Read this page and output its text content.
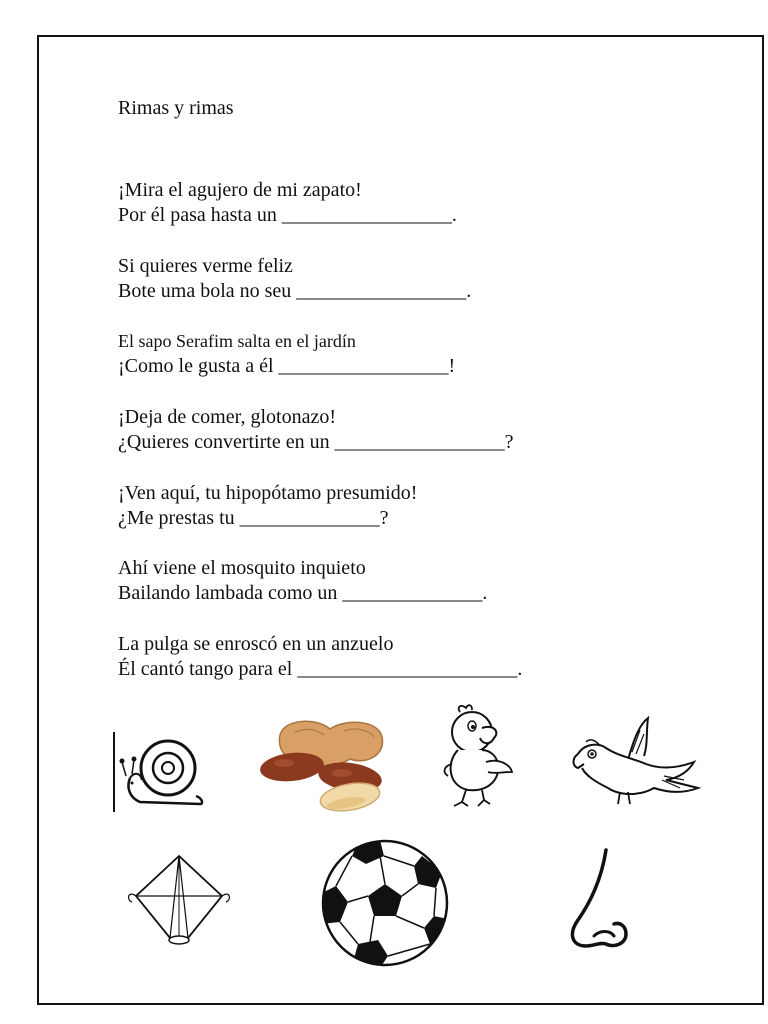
Rimas y rimas
¡Mira el agujero de mi zapato!
Por él pasa hasta un _________________.
Si quieres verme feliz
Bote uma bola no seu _________________.
El sapo Serafim salta en el jardín
¡Como le gusta a él _________________!
¡Deja de comer, glotonazo!
¿Quieres convertirte en un _________________?
¡Ven aquí, tu hipopótamo presumido!
¿Me prestas tu ______________?
Ahí viene el mosquito inquieto
Bailando lambada como un ______________.
La pulga se enroscó en un anzuelo
Él cantó tango para el ______________________.
